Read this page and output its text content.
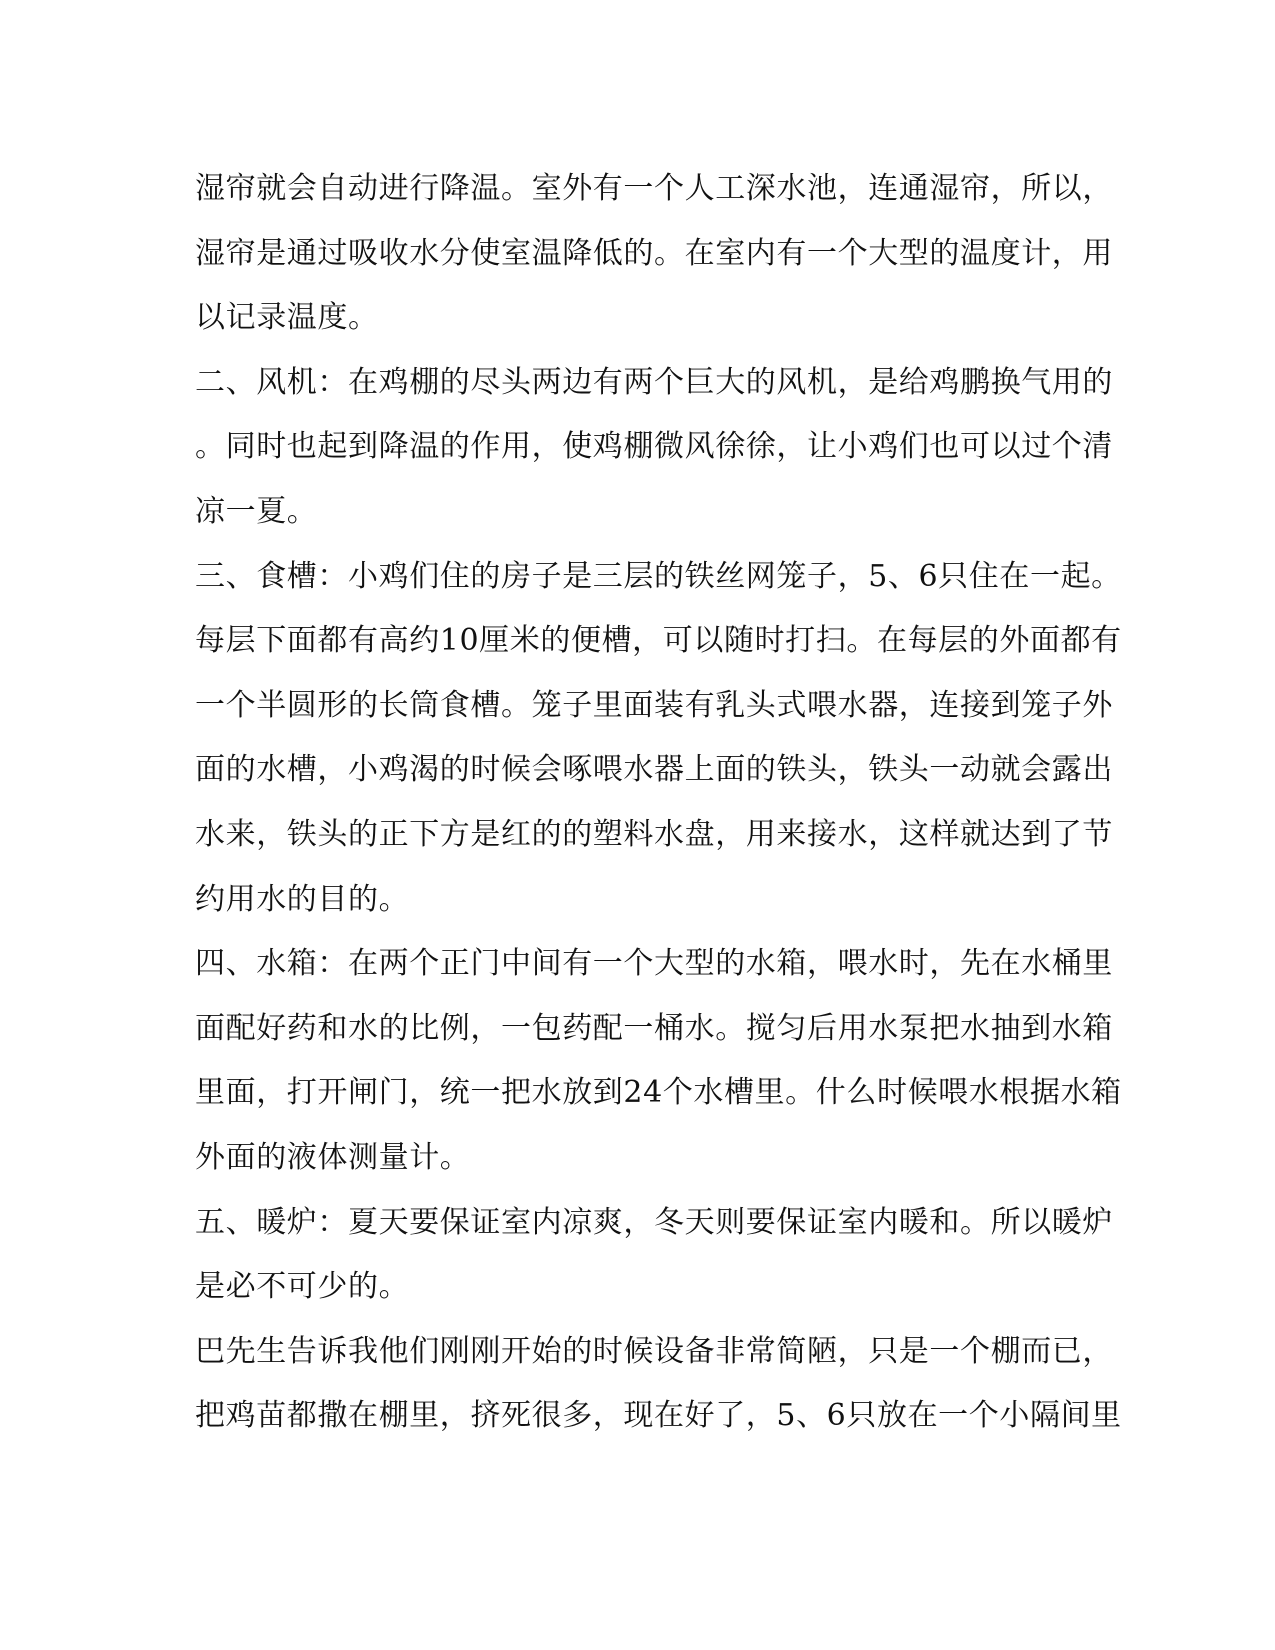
湿帘就会自动进行降温。室外有一个人工深水池，连通湿帘，所以，
湿帘是通过吸收水分使室温降低的。在室内有一个大型的温度计，用
以记录温度。
二、风机：在鸡棚的尽头两边有两个巨大的风机，是给鸡鹏换气用的
。同时也起到降温的作用，使鸡棚微风徐徐，让小鸡们也可以过个清
凉一夏。
三、食槽：小鸡们住的房子是三层的铁丝网笼子，5、6只住在一起。
每层下面都有高约10厘米的便槽，可以随时打扫。在每层的外面都有
一个半圆形的长筒食槽。笼子里面装有乳头式喂水器，连接到笼子外
面的水槽，小鸡渴的时候会啄喂水器上面的铁头，铁头一动就会露出
水来，铁头的正下方是红的的塑料水盘，用来接水，这样就达到了节
约用水的目的。
四、水箱：在两个正门中间有一个大型的水箱，喂水时，先在水桶里
面配好药和水的比例，一包药配一桶水。搅匀后用水泵把水抽到水箱
里面，打开闸门，统一把水放到24个水槽里。什么时候喂水根据水箱
外面的液体测量计。
五、暖炉：夏天要保证室内凉爽，冬天则要保证室内暖和。所以暖炉
是必不可少的。
巴先生告诉我他们刚刚开始的时候设备非常简陋，只是一个棚而已，
把鸡苗都撒在棚里，挤死很多，现在好了，5、6只放在一个小隔间里
